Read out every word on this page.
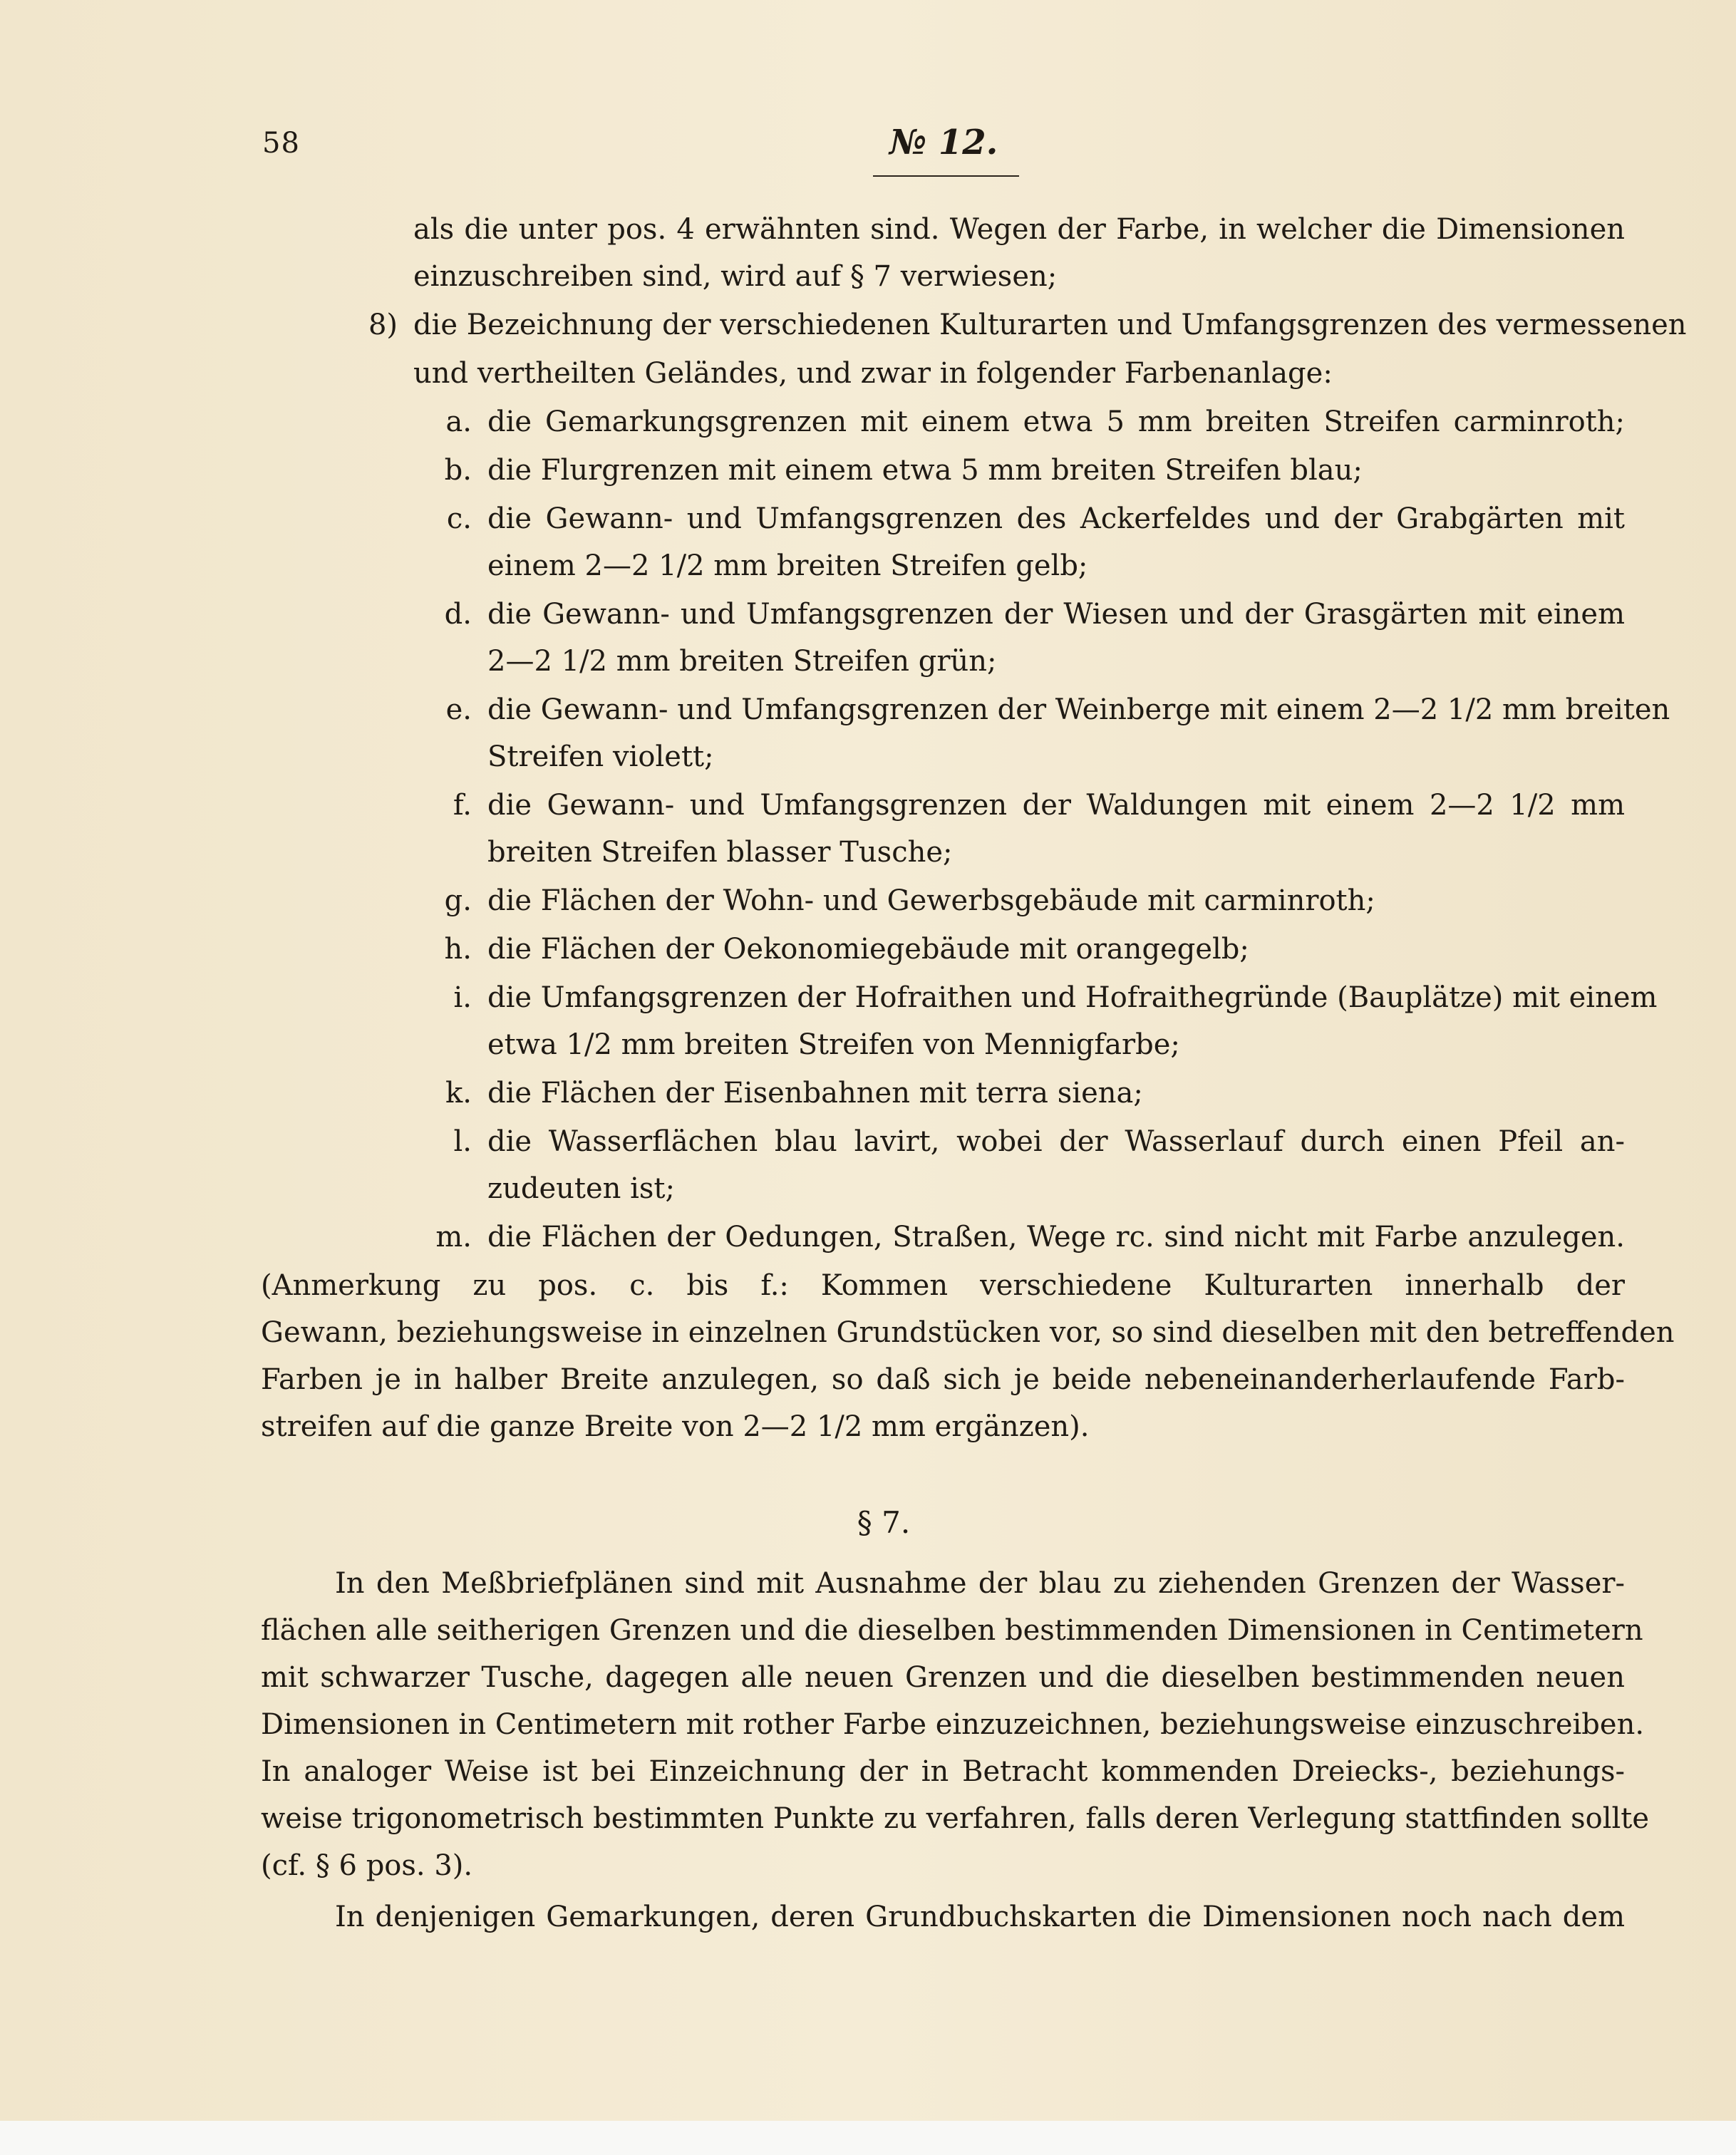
58	№ 12.
als die unter pos. 4 erwähnten sind. Wegen der Farbe, in welcher die Dimensionen
einzuschreiben sind, wird auf § 7 verwiesen;
8) die Bezeichnung der verschiedenen Kulturarten und Umfangsgrenzen des vermessenen
und vertheilten Geländes, und zwar in folgender Farbenanlage:
a. die Gemarkungsgrenzen mit einem etwa 5 mm breiten Streifen carminroth;
b. die Flurgrenzen mit einem etwa 5 mm breiten Streifen blau;
c. die Gewann- und Umfangsgrenzen des Ackerfeldes und der Grabgärten mit
einem 2—2 1/2 mm breiten Streifen gelb;
d. die Gewann- und Umfangsgrenzen der Wiesen und der Grasgärten mit einem
2—2 1/2 mm breiten Streifen grün;
e. die Gewann- und Umfangsgrenzen der Weinberge mit einem 2—2 1/2 mm breiten
Streifen violett;
f. die Gewann- und Umfangsgrenzen der Waldungen mit einem 2—2 1/2 mm
breiten Streifen blasser Tusche;
g. die Flächen der Wohn- und Gewerbsgebäude mit carminroth;
h. die Flächen der Oekonomiegebäude mit orangegelb;
i. die Umfangsgrenzen der Hofraithen und Hofraithegründe (Bauplätze) mit einem
etwa 1/2 mm breiten Streifen von Mennigfarbe;
k. die Flächen der Eisenbahnen mit terra siena;
l. die Wasserflächen blau lavirt, wobei der Wasserlauf durch einen Pfeil an-
zudeuten ist;
m. die Flächen der Oedungen, Straßen, Wege rc. sind nicht mit Farbe anzulegen.
(Anmerkung zu pos. c. bis f.: Kommen verschiedene Kulturarten innerhalb der
Gewann, beziehungsweise in einzelnen Grundstücken vor, so sind dieselben mit den betreffenden
Farben je in halber Breite anzulegen, so daß sich je beide nebeneinanderherlaufende Farb-
streifen auf die ganze Breite von 2—2 1/2 mm ergänzen).
§ 7.
In den Meßbriefplänen sind mit Ausnahme der blau zu ziehenden Grenzen der Wasser-
flächen alle seitherigen Grenzen und die dieselben bestimmenden Dimensionen in Centimetern
mit schwarzer Tusche, dagegen alle neuen Grenzen und die dieselben bestimmenden neuen
Dimensionen in Centimetern mit rother Farbe einzuzeichnen, beziehungsweise einzuschreiben.
In analoger Weise ist bei Einzeichnung der in Betracht kommenden Dreiecks-, beziehungs-
weise trigonometrisch bestimmten Punkte zu verfahren, falls deren Verlegung stattfinden sollte
(cf. § 6 pos. 3).
In denjenigen Gemarkungen, deren Grundbuchskarten die Dimensionen noch nach dem
